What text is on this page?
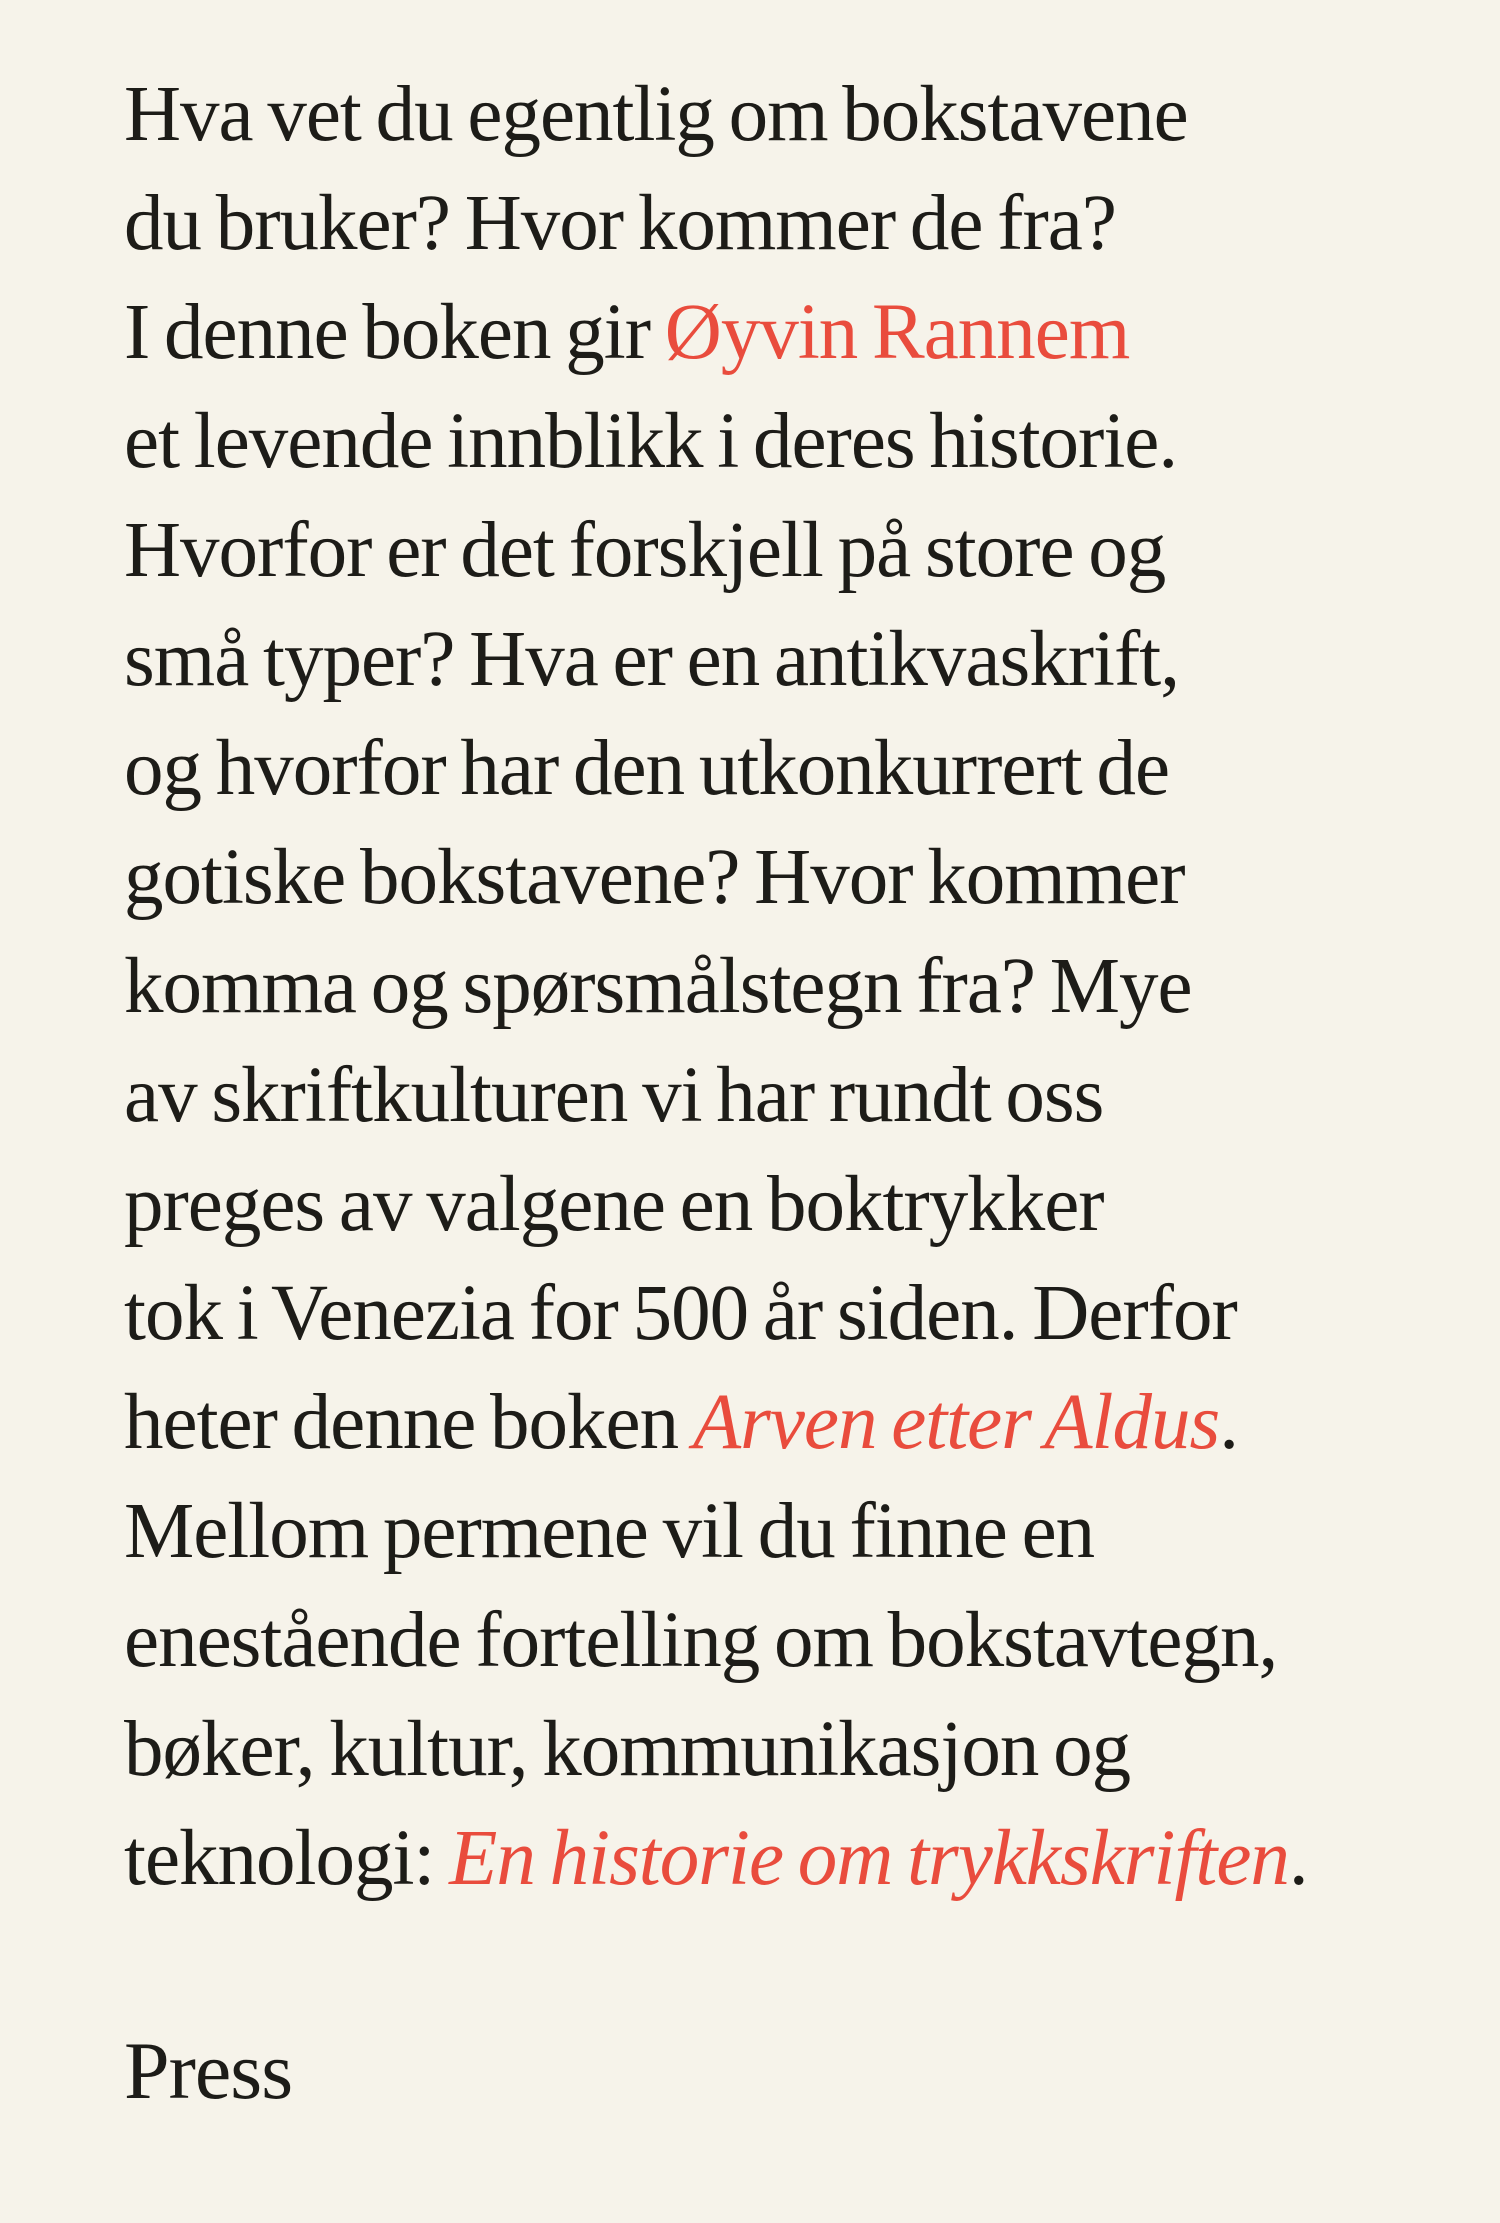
Hva vet du egentlig om bokstavene
du bruker? Hvor kommer de fra?
I denne boken gir Øyvin Rannem
et levende innblikk i deres historie.
Hvorfor er det forskjell på store og
små typer? Hva er en antikvaskrift,
og hvorfor har den utkonkurrert de
gotiske bokstavene? Hvor kommer
komma og spørsmålstegn fra? Mye
av skriftkulturen vi har rundt oss
preges av valgene en boktrykker
tok i Venezia for 500 år siden. Derfor
heter denne boken Arven etter Aldus.
Mellom permene vil du finne en
enestående fortelling om bokstavtegn,
bøker, kultur, kommunikasjon og
teknologi: En historie om trykkskriften.
Press
